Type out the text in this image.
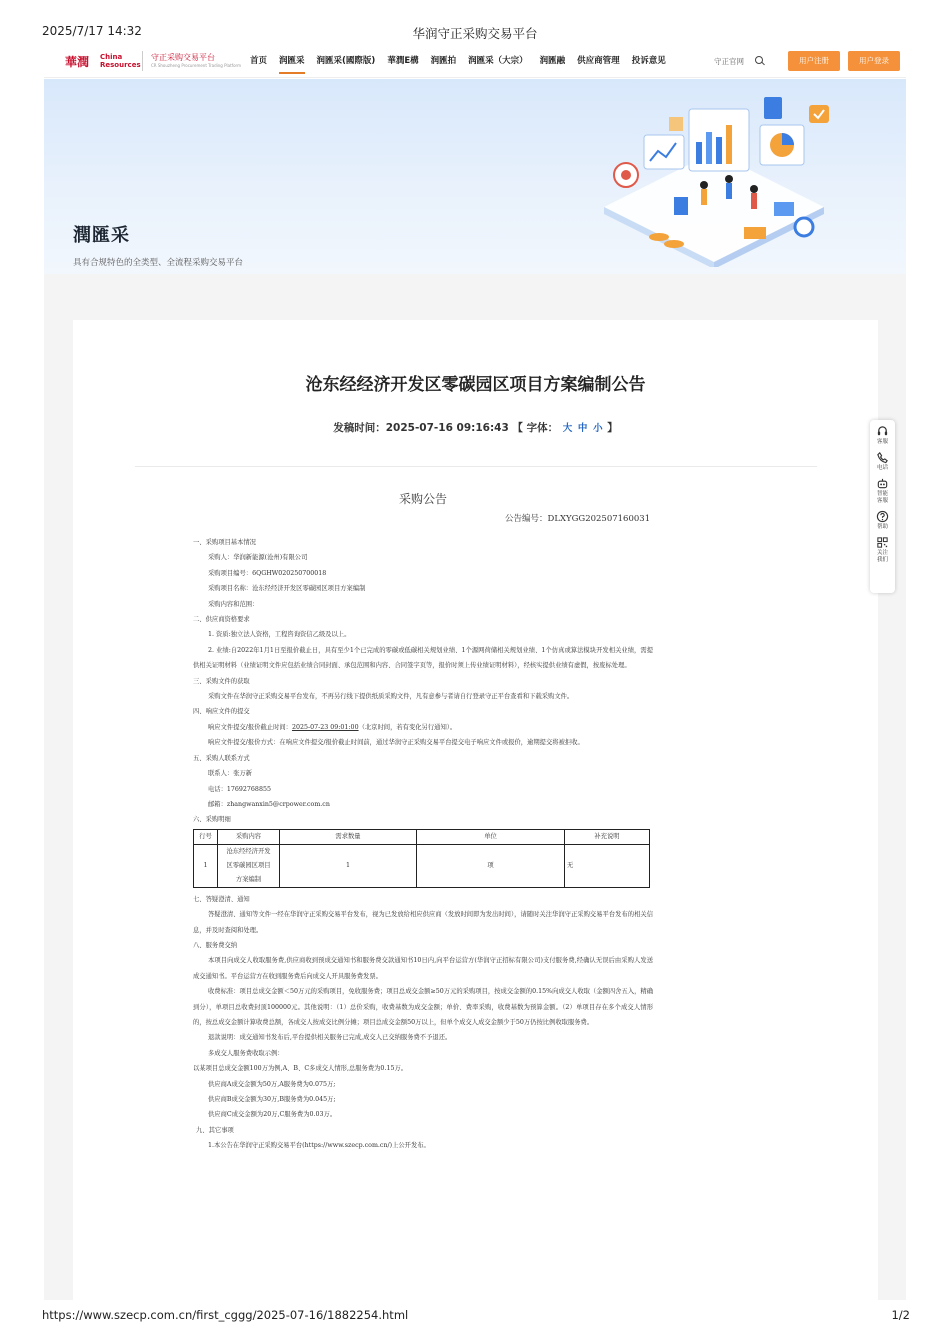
2025/7/17 14:32	华润守正采购交易平台
華潤	China
Resources
守正采购交易平台
CR Shouzheng Procurement Trading Platform 首页 润匯采 润匯采(國際版) 華潤E構 润匯拍 润匯采（大宗） 润匯融 供应商管理 投诉意见	守正官网	用户注册	用户登录
潤匯采
具有合规特色的全类型、全流程采购交易平台
沧东经经济开发区零碳园区项目方案编制公告
发稿时间：2025-07-16 09:16:43 【 字体： 大 中 小 】
采购公告
公告编号：DLXYGG202507160031
一、采购项目基本情况
采购人：华润新能源(沧州)有限公司
采购项目编号：6QGHW020250700018
采购项目名称：沧东经经济开发区零碳园区项目方案编制
采购内容和范围：
二、供应商资格要求
1. 资质:独立法人资格，工程咨询资信乙级及以上。
2. 业绩:自2022年1月1日至报价截止日，具有至少1个已完成的零碳或低碳相关规划业绩、1个源网荷储相关规划业绩、1个仿真或算法模块开发相关业绩，需提供相关证明材料（业绩证明文件应包括业绩合同封面、承包范围和内容、合同签字页等，报价时须上传业绩证明材料），经核实提供业绩有虚假，按废标处理。
三、采购文件的获取
采购文件在华润守正采购交易平台发布，不再另行线下提供纸质采购文件，凡有意参与者请自行登录守正平台查看和下载采购文件。
四、响应文件的提交
响应文件提交/报价截止时间：2025-07-23 09:01:00（北京时间，若有变化另行通知）。
响应文件提交/报价方式：在响应文件提交/报价截止时间前，通过华润守正采购交易平台提交电子响应文件或报价，逾期提交将被拒收。
五、采购人联系方式
联系人：张万新
电话：17692768855
邮箱：zhangwanxin5@crpower.com.cn
六、采购明细
行号	采购内容	需求数量	单位	补充说明
1	沧东经经济开发
区零碳园区项目
方案编制	1	项	无
七、答疑澄清、通知
答疑澄清、通知等文件一经在华润守正采购交易平台发布，视为已发放给相应供应商（发放时间即为发出时间），请随时关注华润守正采购交易平台发布的相关信息，并及时查阅和处理。
八、服务费交纳
本项目向成交人收取服务费,供应商收到预成交通知书和服务费交款通知书10日内,向平台运营方(华润守正招标有限公司)支付服务费,经确认无误后由采购人发送成交通知书。平台运营方在收到服务费后向成交人开具服务费发票。
收费标准：项目总成交金额＜50万元的采购项目，免收服务费；项目总成交金额≥50万元的采购项目，按成交金额的0.15%向成交人收取（金额四舍五入，精确到分），单项目总收费封顶100000元。其他说明：（1）总价采购，收费基数为成交金额；单价、费率采购，收费基数为预算金额。（2）单项目存在多个成交人情形的，按总成交金额计算收费总额，各成交人按成交比例分摊；项目总成交金额50万以上，但单个成交人成交金额少于50万仍按比例收取服务费。
退款说明：成交通知书发布后,平台提供相关服务已完成,成交人已交纳服务费不予退还。
多成交人服务费收取示例：
以某项目总成交金额100万为例,A、B、C多成交人情形,总服务费为0.15万。
供应商A成交金额为50万,A服务费为0.075万;
供应商B成交金额为30万,B服务费为0.045万;
供应商C成交金额为20万,C服务费为0.03万。
九、其它事项
1.本公告在华润守正采购交易平台(https://www.szecp.com.cn/)上公开发布。
客服
电话
智能
客服
帮助
关注
我们
https://www.szecp.com.cn/first_cggg/2025-07-16/1882254.html	1/2
